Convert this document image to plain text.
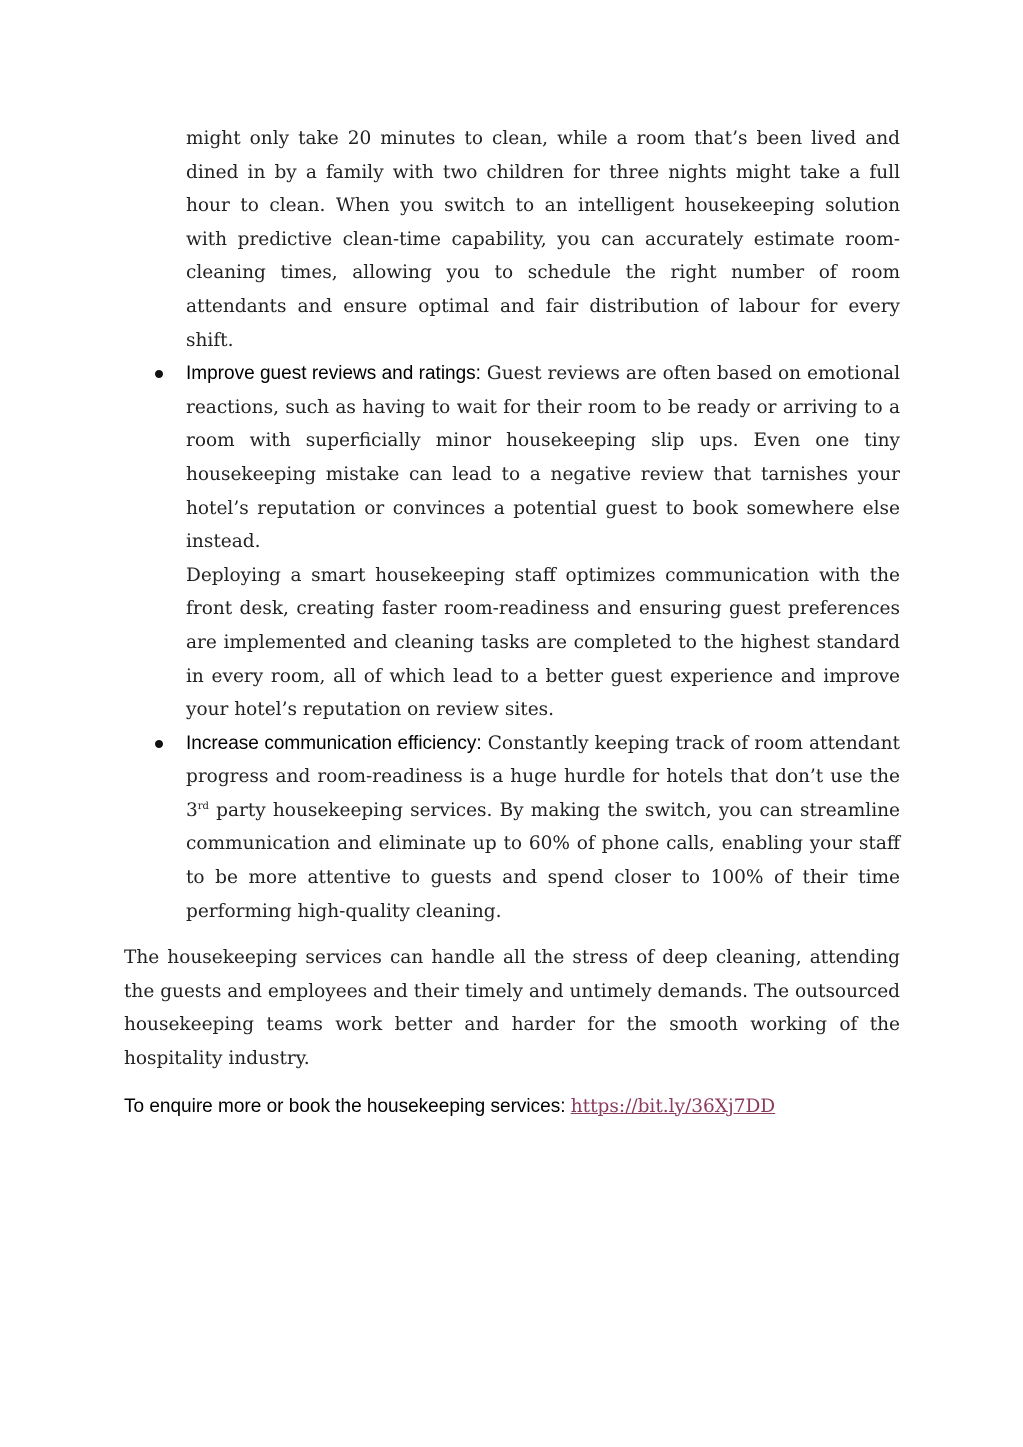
might only take 20 minutes to clean, while a room that’s been lived and dined in by a family with two children for three nights might take a full hour to clean. When you switch to an intelligent housekeeping solution with predictive clean-time capability, you can accurately estimate room-cleaning times, allowing you to schedule the right number of room attendants and ensure optimal and fair distribution of labour for every shift.

Improve guest reviews and ratings: Guest reviews are often based on emotional reactions, such as having to wait for their room to be ready or arriving to a room with superficially minor housekeeping slip ups. Even one tiny housekeeping mistake can lead to a negative review that tarnishes your hotel’s reputation or convinces a potential guest to book somewhere else instead.

Deploying a smart housekeeping staff optimizes communication with the front desk, creating faster room-readiness and ensuring guest preferences are implemented and cleaning tasks are completed to the highest standard in every room, all of which lead to a better guest experience and improve your hotel’s reputation on review sites.

Increase communication efficiency: Constantly keeping track of room attendant progress and room-readiness is a huge hurdle for hotels that don’t use the 3rd party housekeeping services. By making the switch, you can streamline communication and eliminate up to 60% of phone calls, enabling your staff to be more attentive to guests and spend closer to 100% of their time performing high-quality cleaning.

The housekeeping services can handle all the stress of deep cleaning, attending the guests and employees and their timely and untimely demands. The outsourced housekeeping teams work better and harder for the smooth working of the hospitality industry.

To enquire more or book the housekeeping services: https://bit.ly/36Xj7DD
